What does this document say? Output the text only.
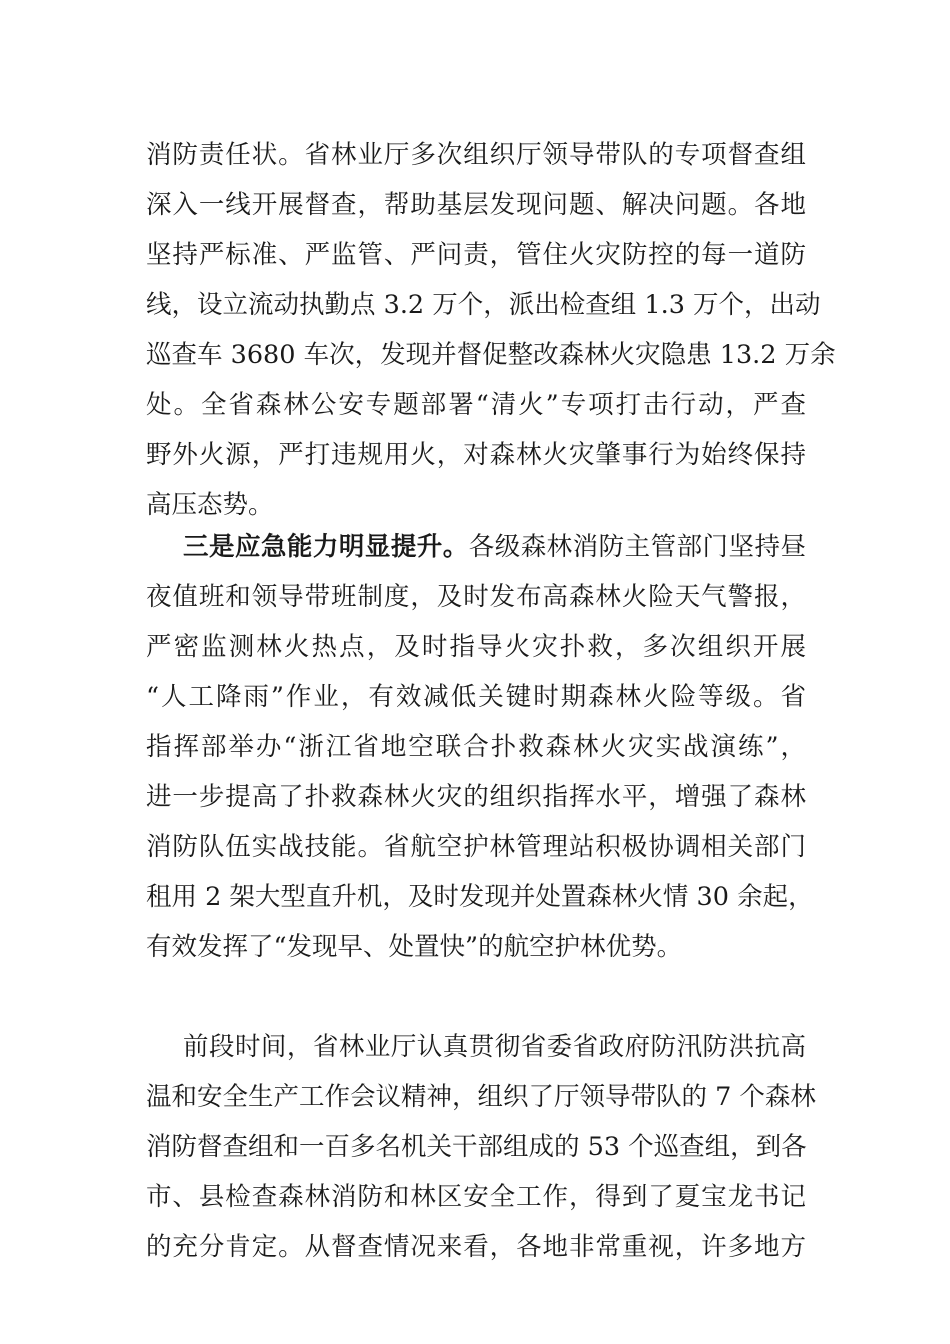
消防责任状。省林业厅多次组织厅领导带队的专项督查组
深入一线开展督查，帮助基层发现问题、解决问题。各地
坚持严标准、严监管、严问责，管住火灾防控的每一道防
线，设立流动执勤点 3.2 万个，派出检查组 1.3 万个，出动
巡查车 3680 车次，发现并督促整改森林火灾隐患 13.2 万余
处。全省森林公安专题部署“清火”专项打击行动，严查
野外火源，严打违规用火，对森林火灾肇事行为始终保持
高压态势。
三是应急能力明显提升。各级森林消防主管部门坚持昼
夜值班和领导带班制度，及时发布高森林火险天气警报，
严密监测林火热点，及时指导火灾扑救，多次组织开展
“人工降雨”作业，有效减低关键时期森林火险等级。省
指挥部举办“浙江省地空联合扑救森林火灾实战演练”，
进一步提高了扑救森林火灾的组织指挥水平，增强了森林
消防队伍实战技能。省航空护林管理站积极协调相关部门
租用 2 架大型直升机，及时发现并处置森林火情 30 余起，
有效发挥了“发现早、处置快”的航空护林优势。
前段时间，省林业厅认真贯彻省委省政府防汛防洪抗高
温和安全生产工作会议精神，组织了厅领导带队的 7 个森林
消防督查组和一百多名机关干部组成的 53 个巡查组，到各
市、县检查森林消防和林区安全工作，得到了夏宝龙书记
的充分肯定。从督查情况来看，各地非常重视，许多地方
